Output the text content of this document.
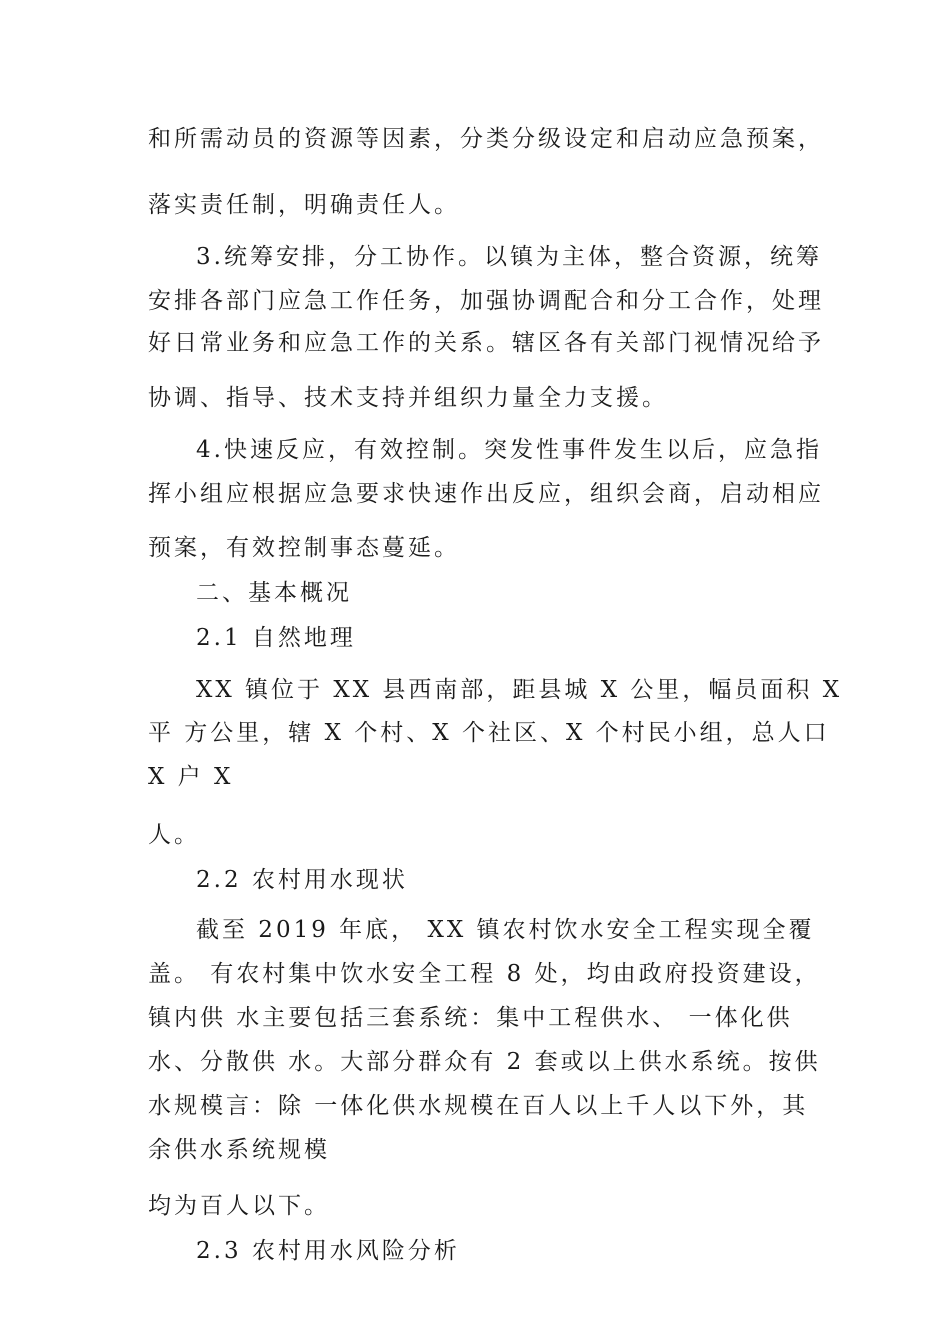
和所需动员的资源等因素，分类分级设定和启动应急预案，
落实责任制，明确责任人。
3.统筹安排，分工协作。以镇为主体，整合资源，统筹
安排各部门应急工作任务，加强协调配合和分工合作，处理
好日常业务和应急工作的关系。辖区各有关部门视情况给予
协调、指导、技术支持并组织力量全力支援。
4.快速反应，有效控制。突发性事件发生以后，应急指
挥小组应根据应急要求快速作出反应，组织会商，启动相应
预案，有效控制事态蔓延。
二、基本概况
2.1 自然地理
XX 镇位于 XX 县西南部，距县城 X 公里，幅员面积 X
平 方公里，辖 X 个村、X 个社区、X 个村民小组，总人口
X 户 X
人。
2.2 农村用水现状
截至 2019 年底， XX 镇农村饮水安全工程实现全覆
盖。 有农村集中饮水安全工程 8 处，均由政府投资建设，
镇内供 水主要包括三套系统：集中工程供水、 一体化供
水、分散供 水。大部分群众有 2 套或以上供水系统。按供
水规模言：除 一体化供水规模在百人以上千人以下外，其
余供水系统规模
均为百人以下。
2.3 农村用水风险分析
